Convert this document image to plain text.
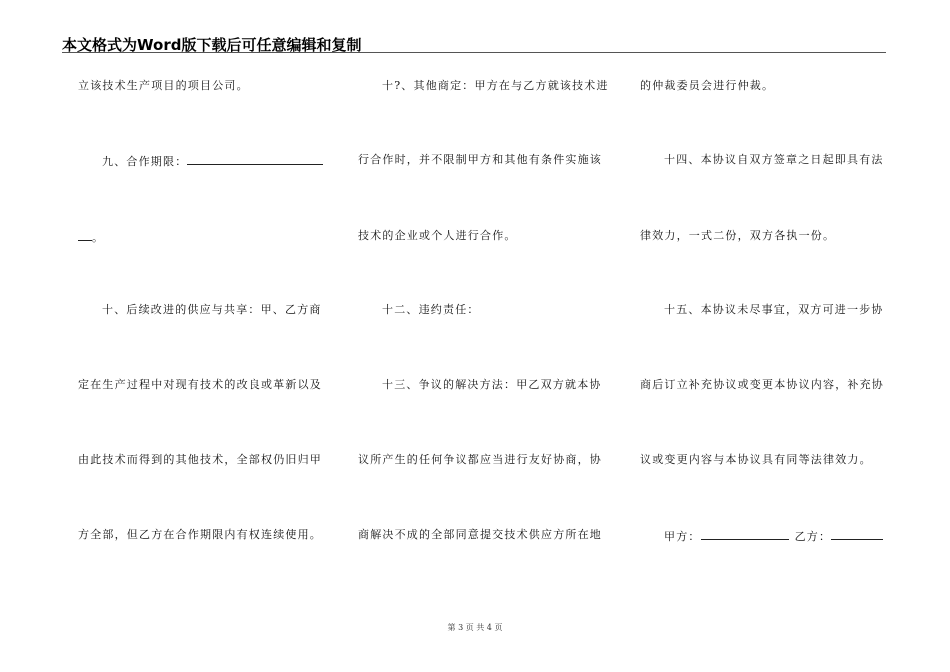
本文格式为Word版下载后可任意编辑和复制
立该技术生产项目的项目公司。
九、合作期限：
。
十、后续改进的供应与共享：甲、乙方商
定在生产过程中对现有技术的改良或革新以及
由此技术而得到的其他技术，全部权仍旧归甲
方全部，但乙方在合作期限内有权连续使用。
十?、其他商定：甲方在与乙方就该技术进
行合作时，并不限制甲方和其他有条件实施该
技术的企业或个人进行合作。
十二、违约责任：
十三、争议的解决方法：甲乙双方就本协
议所产生的任何争议都应当进行友好协商，协
商解决不成的全部同意提交技术供应方所在地
的仲裁委员会进行仲裁。
十四、本协议自双方签章之日起即具有法
律效力，一式二份，双方各执一份。
十五、本协议未尽事宜，双方可进一步协
商后订立补充协议或变更本协议内容，补充协
议或变更内容与本协议具有同等法律效力。
甲方：	乙方：
第 3 页 共 4 页
